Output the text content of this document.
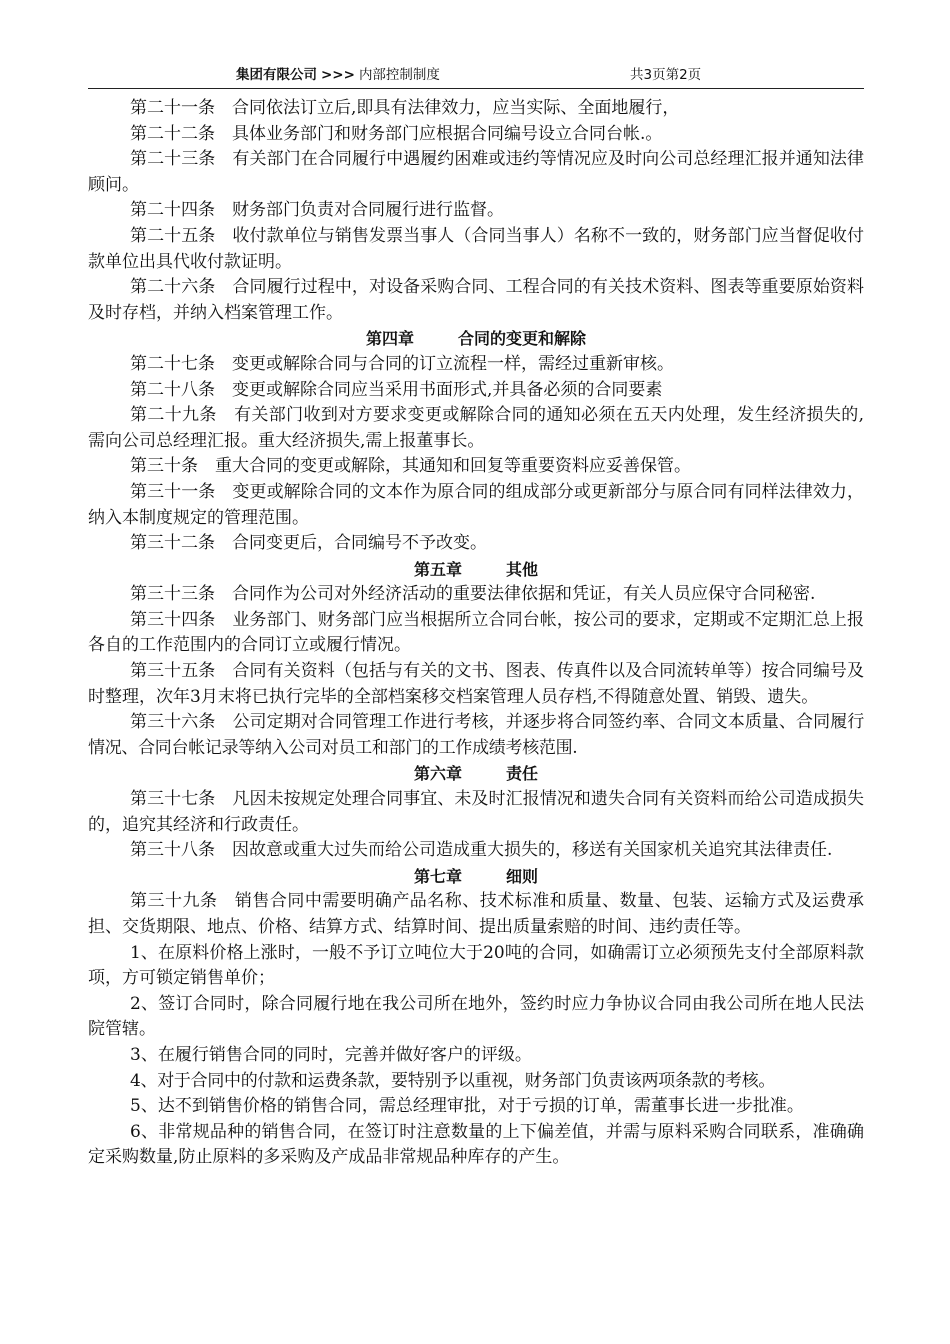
集团有限公司 >>> 内部控制制度	共3页第2页

第二十一条　合同依法订立后,即具有法律效力，应当实际、全面地履行，

第二十二条　具体业务部门和财务部门应根据合同编号设立合同台帐.。

第二十三条　有关部门在合同履行中遇履约困难或违约等情况应及时向公司总经理汇报并通知法律顾问。

第二十四条　财务部门负责对合同履行进行监督。

第二十五条　收付款单位与销售发票当事人（合同当事人）名称不一致的，财务部门应当督促收付款单位出具代收付款证明。

第二十六条　合同履行过程中，对设备采购合同、工程合同的有关技术资料、图表等重要原始资料及时存档，并纳入档案管理工作。

第四章	合同的变更和解除

第二十七条　变更或解除合同与合同的订立流程一样，需经过重新审核。

第二十八条　变更或解除合同应当采用书面形式,并具备必须的合同要素

第二十九条　有关部门收到对方要求变更或解除合同的通知必须在五天内处理，发生经济损失的,需向公司总经理汇报。重大经济损失,需上报董事长。

第三十条　重大合同的变更或解除，其通知和回复等重要资料应妥善保管。

第三十一条　变更或解除合同的文本作为原合同的组成部分或更新部分与原合同有同样法律效力，纳入本制度规定的管理范围。

第三十二条　合同变更后，合同编号不予改变。

第五章	其他

第三十三条　合同作为公司对外经济活动的重要法律依据和凭证，有关人员应保守合同秘密.

第三十四条　业务部门、财务部门应当根据所立合同台帐，按公司的要求，定期或不定期汇总上报各自的工作范围内的合同订立或履行情况。

第三十五条　合同有关资料（包括与有关的文书、图表、传真件以及合同流转单等）按合同编号及时整理，次年3月末将已执行完毕的全部档案移交档案管理人员存档,不得随意处置、销毁、遗失。

第三十六条　公司定期对合同管理工作进行考核，并逐步将合同签约率、合同文本质量、合同履行情况、合同台帐记录等纳入公司对员工和部门的工作成绩考核范围.

第六章	责任

第三十七条　凡因未按规定处理合同事宜、未及时汇报情况和遗失合同有关资料而给公司造成损失的，追究其经济和行政责任。

第三十八条　因故意或重大过失而给公司造成重大损失的，移送有关国家机关追究其法律责任.

第七章	细则

第三十九条　销售合同中需要明确产品名称、技术标准和质量、数量、包装、运输方式及运费承担、交货期限、地点、价格、结算方式、结算时间、提出质量索赔的时间、违约责任等。

1、在原料价格上涨时，一般不予订立吨位大于20吨的合同，如确需订立必须预先支付全部原料款项，方可锁定销售单价；

2、签订合同时，除合同履行地在我公司所在地外，签约时应力争协议合同由我公司所在地人民法院管辖。

3、在履行销售合同的同时，完善并做好客户的评级。

4、对于合同中的付款和运费条款，要特别予以重视，财务部门负责该两项条款的考核。

5、达不到销售价格的销售合同，需总经理审批，对于亏损的订单，需董事长进一步批准。

6、非常规品种的销售合同，在签订时注意数量的上下偏差值，并需与原料采购合同联系，准确确定采购数量,防止原料的多采购及产成品非常规品种库存的产生。
